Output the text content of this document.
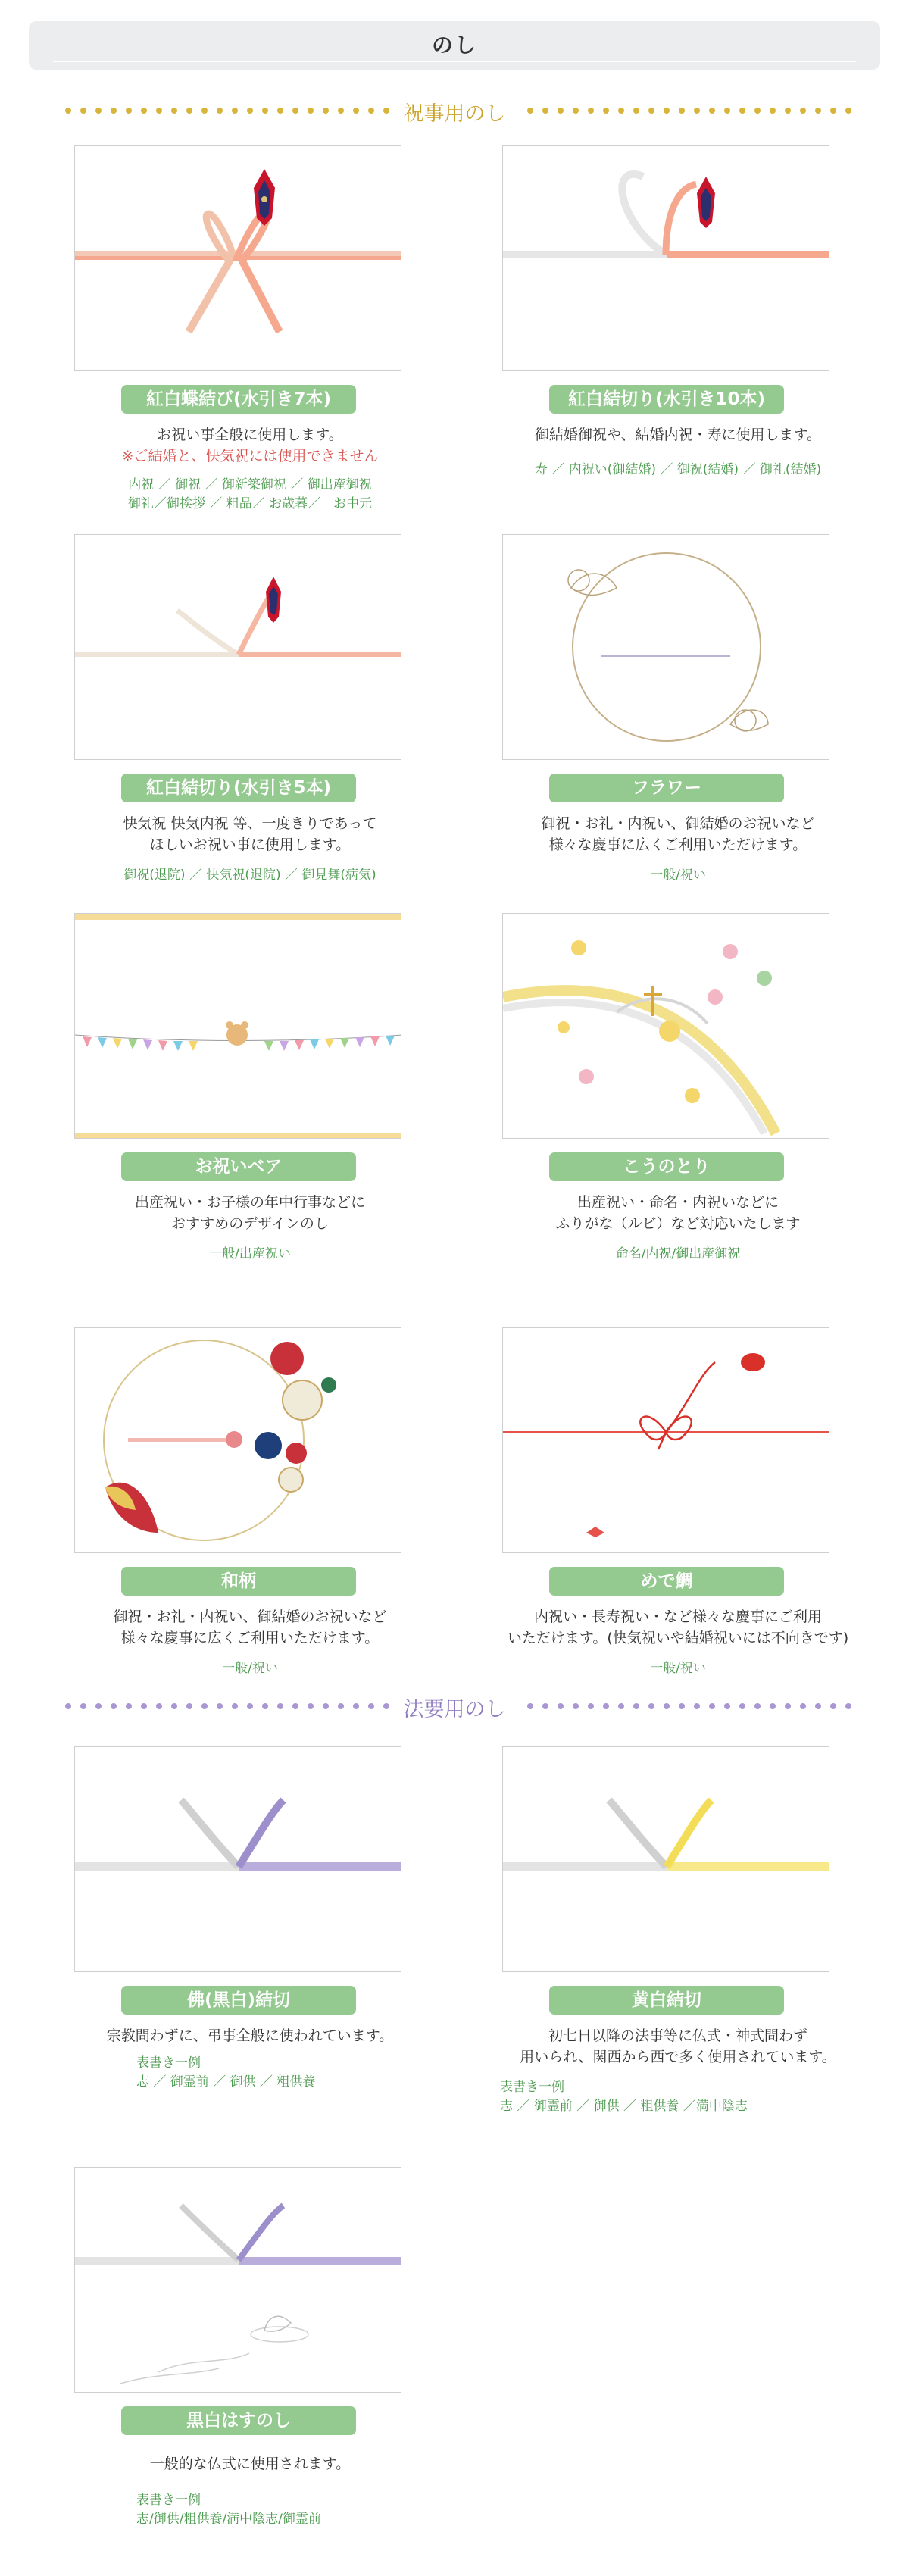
のし
祝事用のし
紅白蝶結び(水引き7本)
お祝い事全般に使用します。
※ご結婚と、快気祝には使用できません
内祝 ／ 御祝 ／ 御新築御祝 ／ 御出産御祝
御礼／御挨拶 ／ 粗品／ お歳暮／　お中元
紅白結切り(水引き10本)
御結婚御祝や、結婚内祝・寿に使用します。
寿 ／ 内祝い(御結婚) ／ 御祝(結婚) ／ 御礼(結婚)
紅白結切り(水引き5本)
快気祝 快気内祝 等、一度きりであって
ほしいお祝い事に使用します。
御祝(退院) ／ 快気祝(退院) ／ 御見舞(病気)
フラワー
御祝・お礼・内祝い、御結婚のお祝いなど
様々な慶事に広くご利用いただけます。
一般/祝い
お祝いベア
出産祝い・お子様の年中行事などに
おすすめのデザインのし
一般/出産祝い
こうのとり
出産祝い・命名・内祝いなどに
ふりがな（ルビ）など対応いたします
命名/内祝/御出産御祝
和柄
御祝・お礼・内祝い、御結婚のお祝いなど
様々な慶事に広くご利用いただけます。
一般/祝い
めで鯛
内祝い・長寿祝い・など様々な慶事にご利用
いただけます。(快気祝いや結婚祝いには不向きです)
一般/祝い
法要用のし
佛(黒白)結切
宗教問わずに、弔事全般に使われています。
表書き一例
志 ／ 御霊前 ／ 御供 ／ 粗供養
黄白結切
初七日以降の法事等に仏式・神式問わず
用いられ、関西から西で多く使用されています。
表書き一例
志 ／ 御霊前 ／ 御供 ／ 粗供養 ／満中陰志
黒白はすのし
一般的な仏式に使用されます。
表書き一例
志/御供/粗供養/満中陰志/御霊前
